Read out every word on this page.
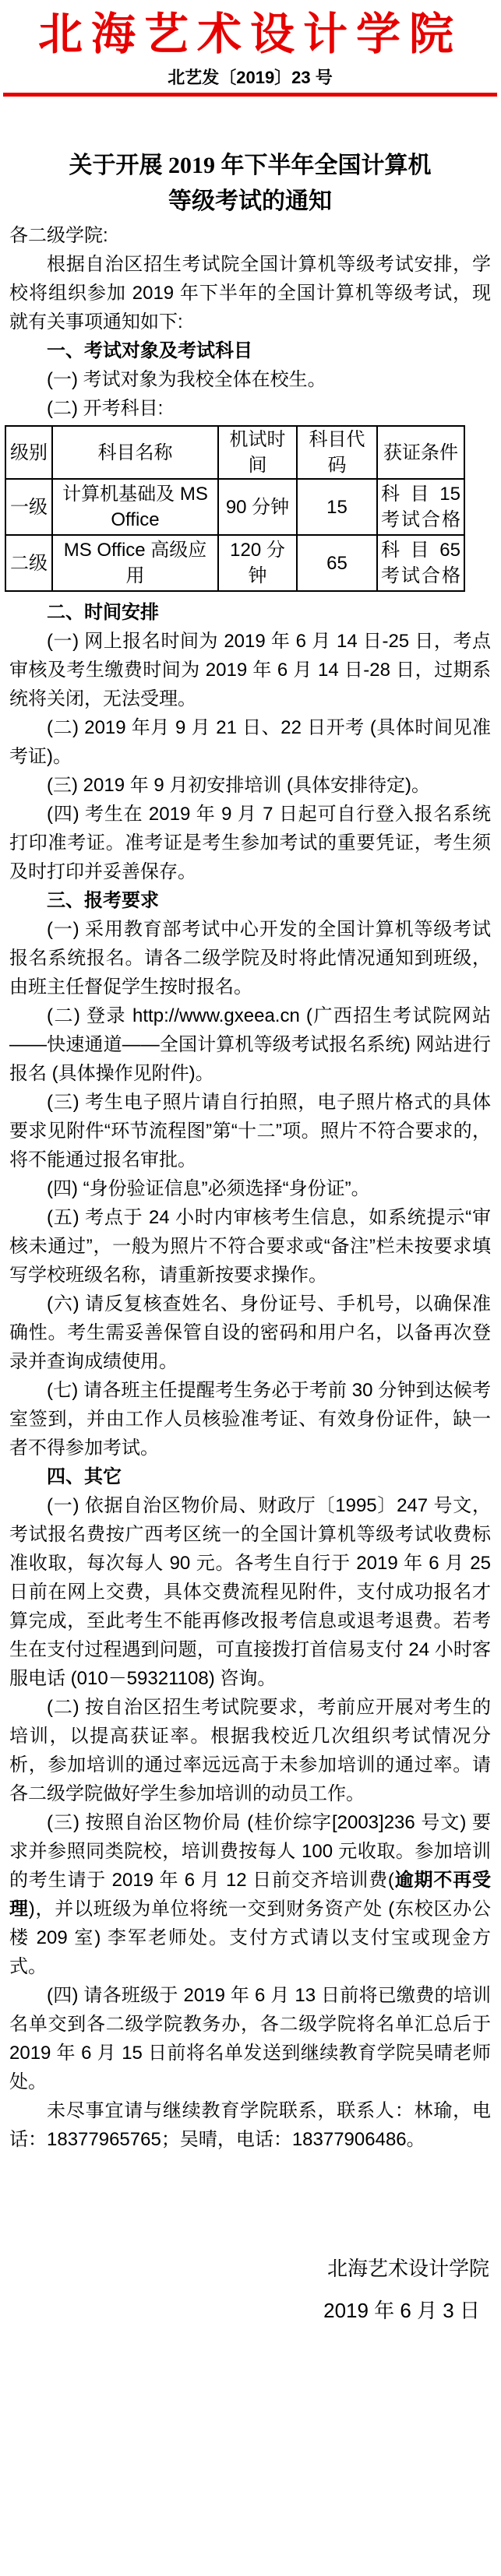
北海艺术设计学院
北艺发〔2019〕23 号
关于开展 2019 年下半年全国计算机
等级考试的通知

各二级学院:

根据自治区招生考试院全国计算机等级考试安排，学校将组织参加 2019 年下半年的全国计算机等级考试，现就有关事项通知如下:

一、考试对象及考试科目

(一) 考试对象为我校全体在校生。

(二) 开考科目:

级别	科目名称	机试时间	科目代码	获证条件
一级	计算机基础及 MS Office	90 分钟	15	科 目 15
考试合格

二级	MS Office 高级应用	120 分钟	65	科 目 65
考试合格

二、时间安排

(一) 网上报名时间为 2019 年 6 月 14 日-25 日，考点审核及考生缴费时间为 2019 年 6 月 14 日-28 日，过期系统将关闭，无法受理。

(二) 2019 年月 9 月 21 日、22 日开考 (具体时间见准考证)。

(三) 2019 年 9 月初安排培训 (具体安排待定)。

(四) 考生在 2019 年 9 月 7 日起可自行登入报名系统打印准考证。准考证是考生参加考试的重要凭证，考生须及时打印并妥善保存。

三、报考要求

(一) 采用教育部考试中心开发的全国计算机等级考试报名系统报名。请各二级学院及时将此情况通知到班级，由班主任督促学生按时报名。

(二) 登录 http://www.gxeea.cn (广西招生考试院网站——快速通道——全国计算机等级考试报名系统) 网站进行报名 (具体操作见附件)。

(三) 考生电子照片请自行拍照，电子照片格式的具体要求见附件“环节流程图”第“十二”项。照片不符合要求的，将不能通过报名审批。

(四) “身份验证信息”必须选择“身份证”。

(五) 考点于 24 小时内审核考生信息，如系统提示“审核未通过”，一般为照片不符合要求或“备注”栏未按要求填写学校班级名称，请重新按要求操作。

(六) 请反复核查姓名、身份证号、手机号，以确保准确性。考生需妥善保管自设的密码和用户名，以备再次登录并查询成绩使用。

(七) 请各班主任提醒考生务必于考前 30 分钟到达候考室签到，并由工作人员核验准考证、有效身份证件，缺一者不得参加考试。

四、其它

(一) 依据自治区物价局、财政厅〔1995〕247 号文，考试报名费按广西考区统一的全国计算机等级考试收费标准收取，每次每人 90 元。各考生自行于 2019 年 6 月 25 日前在网上交费，具体交费流程见附件，支付成功报名才算完成，至此考生不能再修改报考信息或退考退费。若考生在支付过程遇到问题，可直接拨打首信易支付 24 小时客服电话 (010－59321108) 咨询。

(二) 按自治区招生考试院要求，考前应开展对考生的培训，以提高获证率。根据我校近几次组织考试情况分析，参加培训的通过率远远高于未参加培训的通过率。请各二级学院做好学生参加培训的动员工作。

(三) 按照自治区物价局 (桂价综字[2003]236 号文) 要求并参照同类院校，培训费按每人 100 元收取。参加培训的考生请于 2019 年 6 月 12 日前交齐培训费(逾期不再受理)，并以班级为单位将统一交到财务资产处 (东校区办公楼 209 室) 李军老师处。支付方式请以支付宝或现金方式。

(四) 请各班级于 2019 年 6 月 13 日前将已缴费的培训名单交到各二级学院教务办，各二级学院将名单汇总后于 2019 年 6 月 15 日前将名单发送到继续教育学院吴晴老师处。

未尽事宜请与继续教育学院联系，联系人：林瑜，电话：18377965765；吴晴，电话：18377906486。

北海艺术设计学院
2019 年 6 月 3 日
